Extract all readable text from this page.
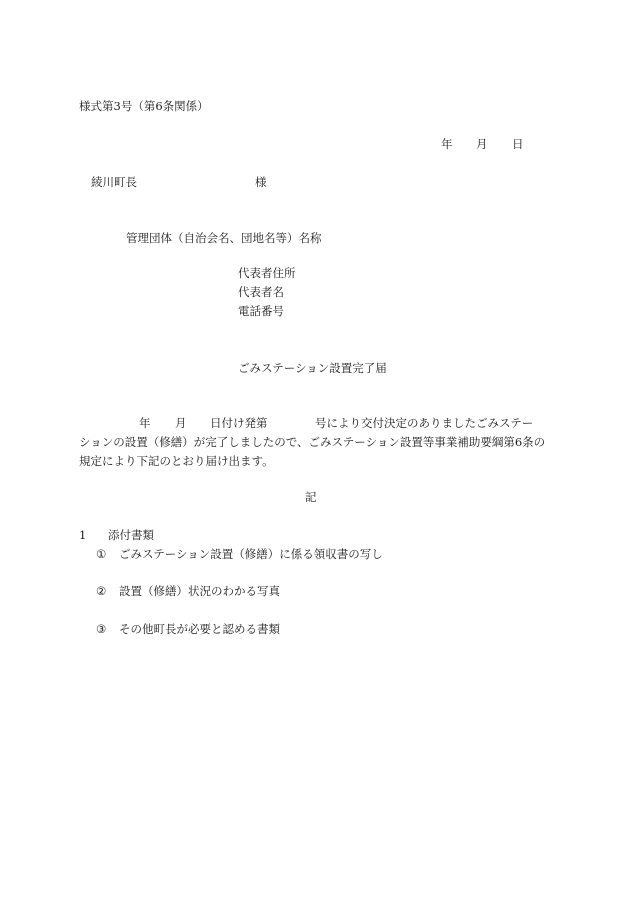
様式第3号（第6条関係）
年 月 日
綾川町長	様
管理団体（自治会名、団地名等）名称
代表者住所
代表者名
電話番号
ごみステーション設置完了届
年 月 日付け発第	号により交付決定のありましたごみステー
ションの設置（修繕）が完了しましたので、ごみステーション設置等事業補助要綱第6条の
規定により下記のとおり届け出ます。
記
1 添付書類
① ごみステーション設置（修繕）に係る領収書の写し
② 設置（修繕）状況のわかる写真
③ その他町長が必要と認める書類
